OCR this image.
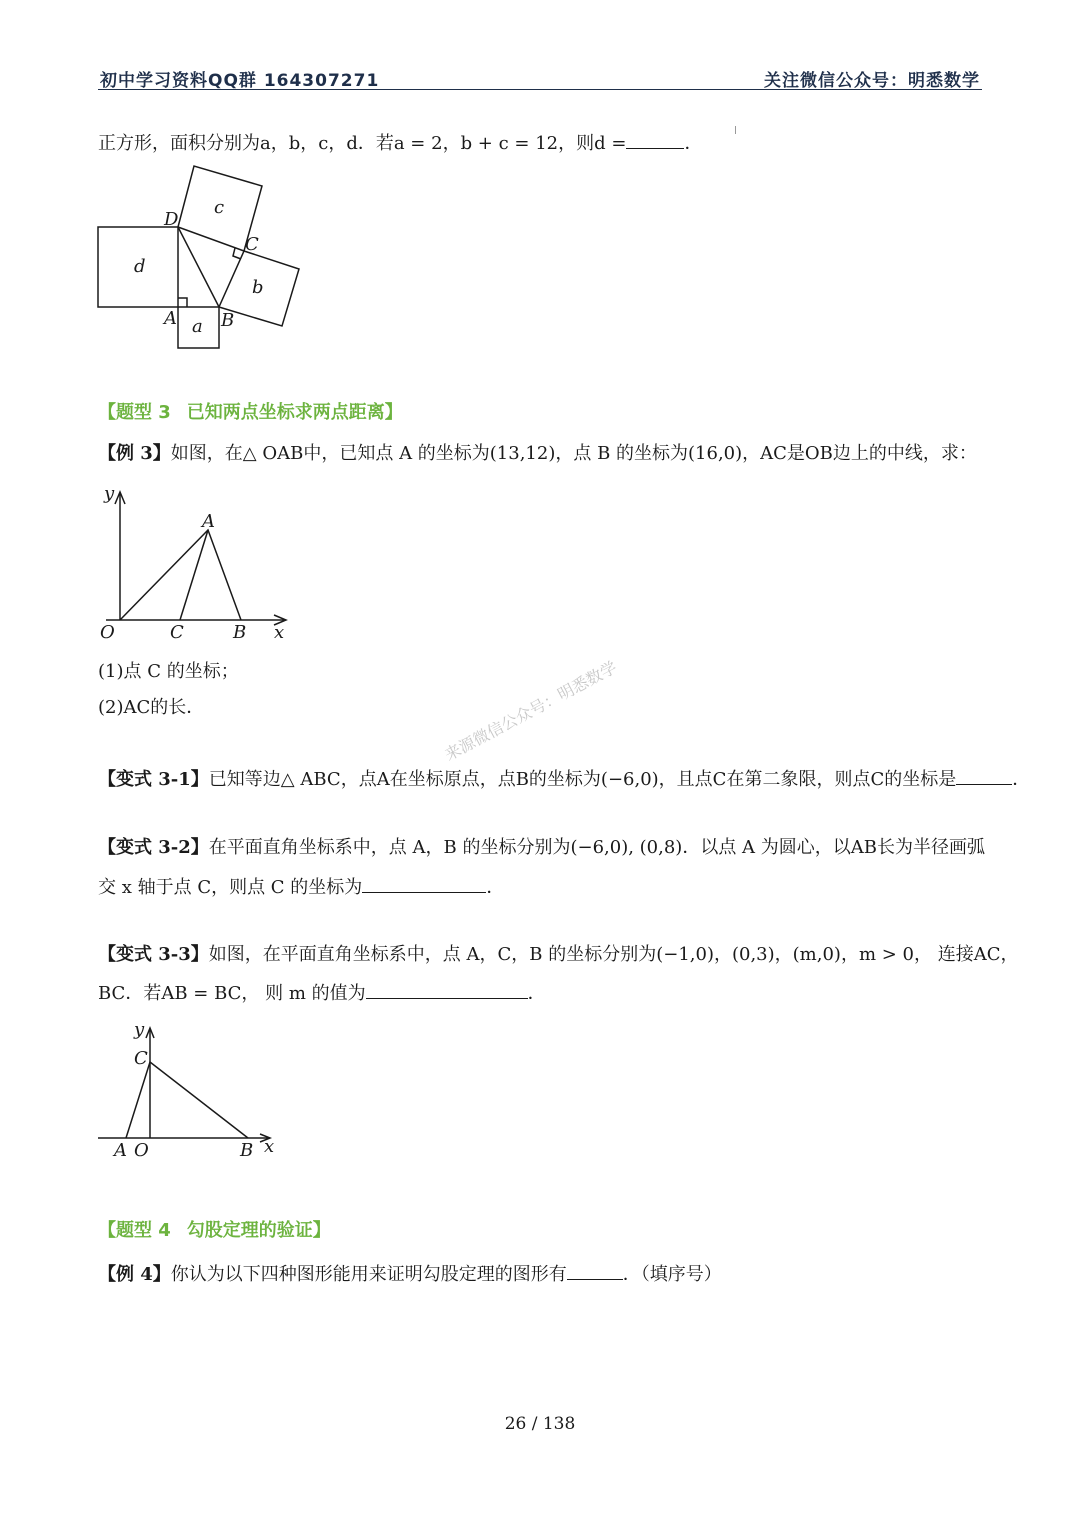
初中学习资料QQ群 164307271	关注微信公众号：明悉数学
正方形，面积分别为a，b，c，d．若a = 2，b + c = 12，则d =	．
c
d
b
a
D
C
A B
【题型 3 已知两点坐标求两点距离】
【例 3】如图，在△ OAB中，已知点 A 的坐标为(13,12)，点 B 的坐标为(16,0)，AC是OB边上的中线，求：
y
A
O	C	B x
(1)点 C 的坐标；
(2)AC的长．	来源微信公众号：明悉数学
【变式 3-1】已知等边△ ABC，点A在坐标原点，点B的坐标为(−6,0)，且点C在第二象限，则点C的坐标是	．
【变式 3-2】在平面直角坐标系中，点 A，B 的坐标分别为(−6,0), (0,8)．以点 A 为圆心，以AB长为半径画弧
交 x 轴于点 C，则点 C 的坐标为	．
【变式 3-3】如图，在平面直角坐标系中，点 A，C，B 的坐标分别为(−1,0)，(0,3)，(m,0)，m > 0， 连接AC，
BC．若AB = BC， 则 m 的值为	．
y
C
A O	B x
【题型 4 勾股定理的验证】
【例 4】你认为以下四种图形能用来证明勾股定理的图形有	．（填序号）
26 / 138
